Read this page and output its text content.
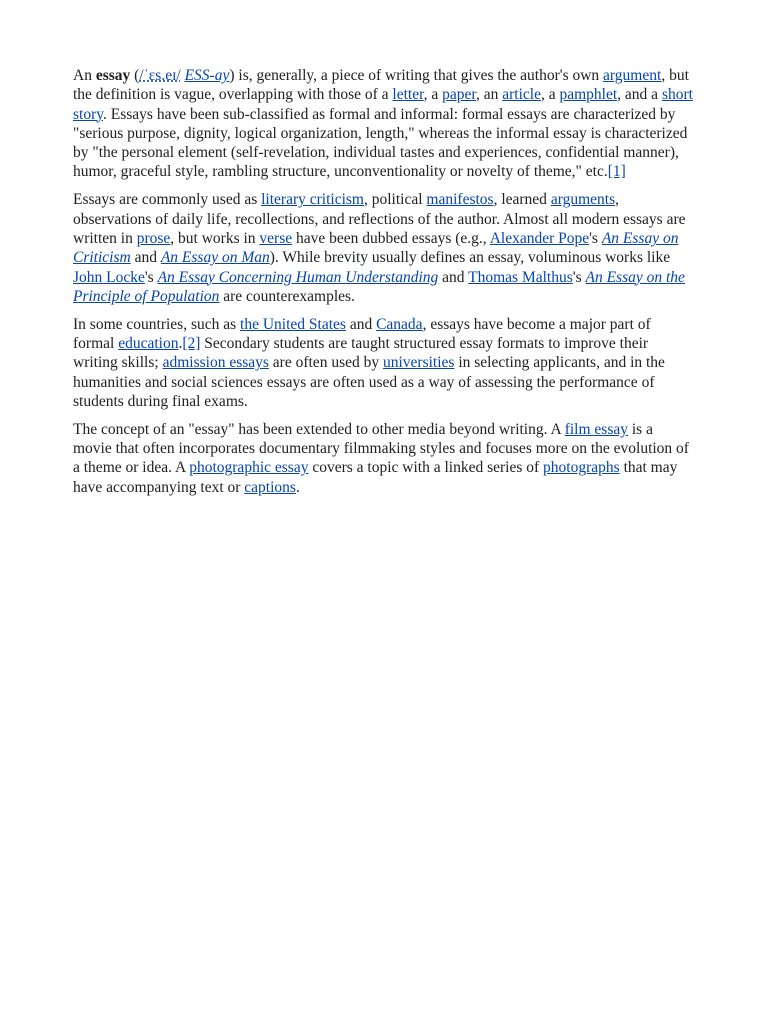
An essay (/ˈɛs.eɪ/ ESS-ay) is, generally, a piece of writing that gives the author's own argument, but the definition is vague, overlapping with those of a letter, a paper, an article, a pamphlet, and a short story. Essays have been sub-classified as formal and informal: formal essays are characterized by "serious purpose, dignity, logical organization, length," whereas the informal essay is characterized by "the personal element (self-revelation, individual tastes and experiences, confidential manner), humor, graceful style, rambling structure, unconventionality or novelty of theme," etc.[1]

Essays are commonly used as literary criticism, political manifestos, learned arguments, observations of daily life, recollections, and reflections of the author. Almost all modern essays are written in prose, but works in verse have been dubbed essays (e.g., Alexander Pope's An Essay on Criticism and An Essay on Man). While brevity usually defines an essay, voluminous works like John Locke's An Essay Concerning Human Understanding and Thomas Malthus's An Essay on the Principle of Population are counterexamples.

In some countries, such as the United States and Canada, essays have become a major part of formal education.[2] Secondary students are taught structured essay formats to improve their writing skills; admission essays are often used by universities in selecting applicants, and in the humanities and social sciences essays are often used as a way of assessing the performance of students during final exams.

The concept of an "essay" has been extended to other media beyond writing. A film essay is a movie that often incorporates documentary filmmaking styles and focuses more on the evolution of a theme or idea. A photographic essay covers a topic with a linked series of photographs that may have accompanying text or captions.
